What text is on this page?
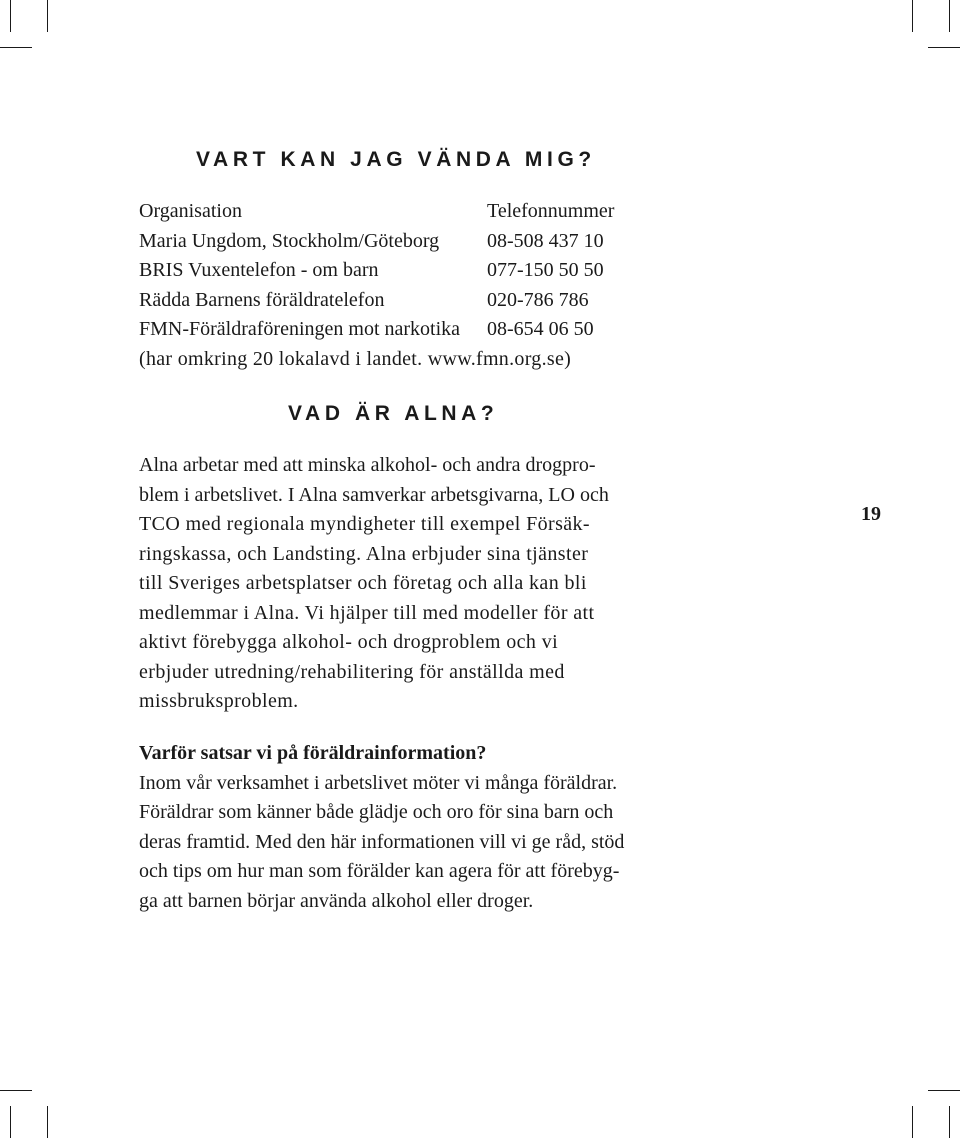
VART KAN JAG VÄNDA MIG?
Organisation	Telefonnummer
Maria Ungdom, Stockholm/Göteborg	08-508 437 10
BRIS Vuxentelefon - om barn	077-150 50 50
Rädda Barnens föräldratelefon	020-786 786
FMN-Föräldraföreningen mot narkotika	08-654 06 50
(har omkring 20 lokalavd i landet. www.fmn.org.se)
VAD ÄR ALNA?

Alna arbetar med att minska alkohol- och andra drogpro-
blem i arbetslivet. I Alna samverkar arbetsgivarna, LO och
TCO med regionala myndigheter till exempel Försäk-
ringskassa, och Landsting. Alna erbjuder sina tjänster
till Sveriges arbetsplatser och företag och alla kan bli
medlemmar i Alna. Vi hjälper till med modeller för att
aktivt förebygga alkohol- och drogproblem och vi
erbjuder utredning/rehabilitering för anställda med
missbruksproblem.

Varför satsar vi på föräldrainformation?
Inom vår verksamhet i arbetslivet möter vi många föräldrar.
Föräldrar som känner både glädje och oro för sina barn och
deras framtid. Med den här informationen vill vi ge råd, stöd
och tips om hur man som förälder kan agera för att förebyg-
ga att barnen börjar använda alkohol eller droger.

19
